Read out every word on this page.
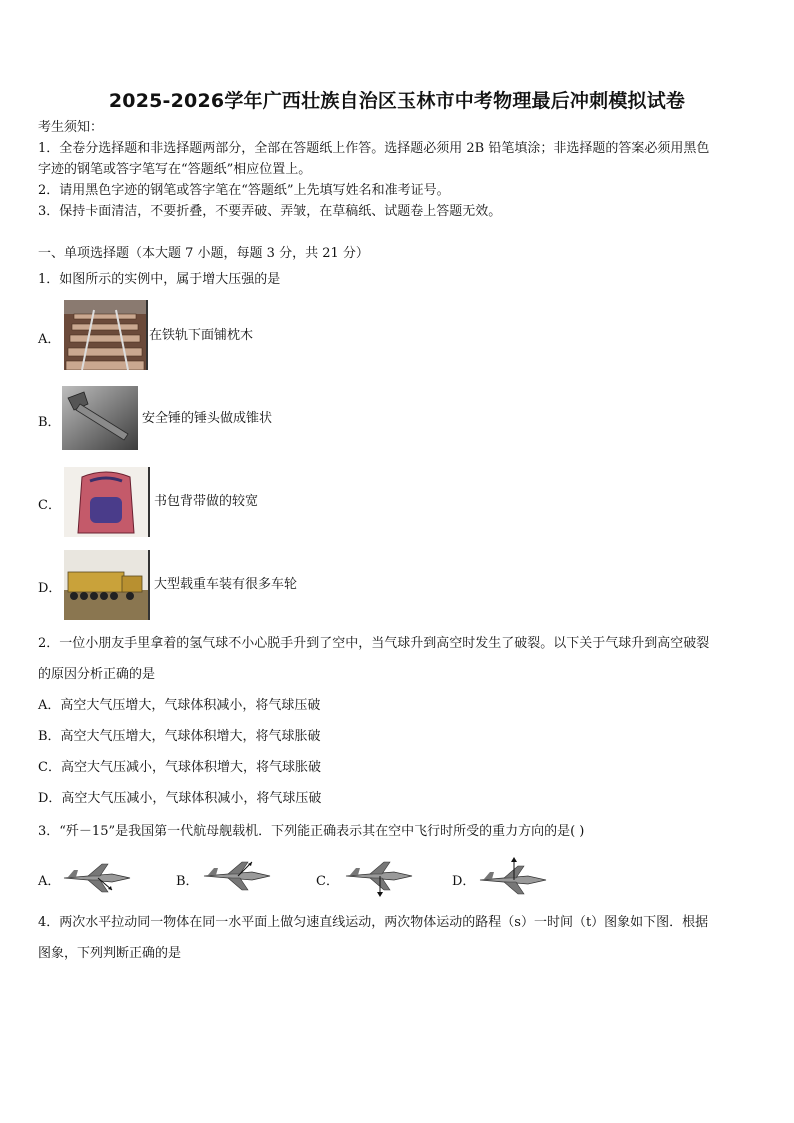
2025-2026学年广西壮族自治区玉林市中考物理最后冲刺模拟试卷
考生须知：
1．全卷分选择题和非选择题两部分，全部在答题纸上作答。选择题必须用 2B 铅笔填涂；非选择题的答案必须用黑色
字迹的钢笔或答字笔写在“答题纸”相应位置上。
2．请用黑色字迹的钢笔或答字笔在“答题纸”上先填写姓名和准考证号。
3．保持卡面清洁，不要折叠，不要弄破、弄皱，在草稿纸、试题卷上答题无效。
一、单项选择题（本大题 7 小题，每题 3 分，共 21 分）
1．如图所示的实例中，属于增大压强的是
A．	在铁轨下面铺枕木
B．	安全锤的锤头做成锥状
C．	书包背带做的较宽
D．	大型载重车装有很多车轮
2．一位小朋友手里拿着的氢气球不小心脱手升到了空中，当气球升到高空时发生了破裂。以下关于气球升到高空破裂
的原因分析正确的是
A．高空大气压增大，气球体积减小，将气球压破
B．高空大气压增大，气球体积增大，将气球胀破
C．高空大气压减小，气球体积增大，将气球胀破
D．高空大气压减小，气球体积减小，将气球压破
3．“歼－15”是我国第一代航母舰载机．下列能正确表示其在空中飞行时所受的重力方向的是( )
A．	B．	C．	D．
4．两次水平拉动同一物体在同一水平面上做匀速直线运动，两次物体运动的路程（s）一时间（t）图象如下图．根据
图象，下列判断正确的是
